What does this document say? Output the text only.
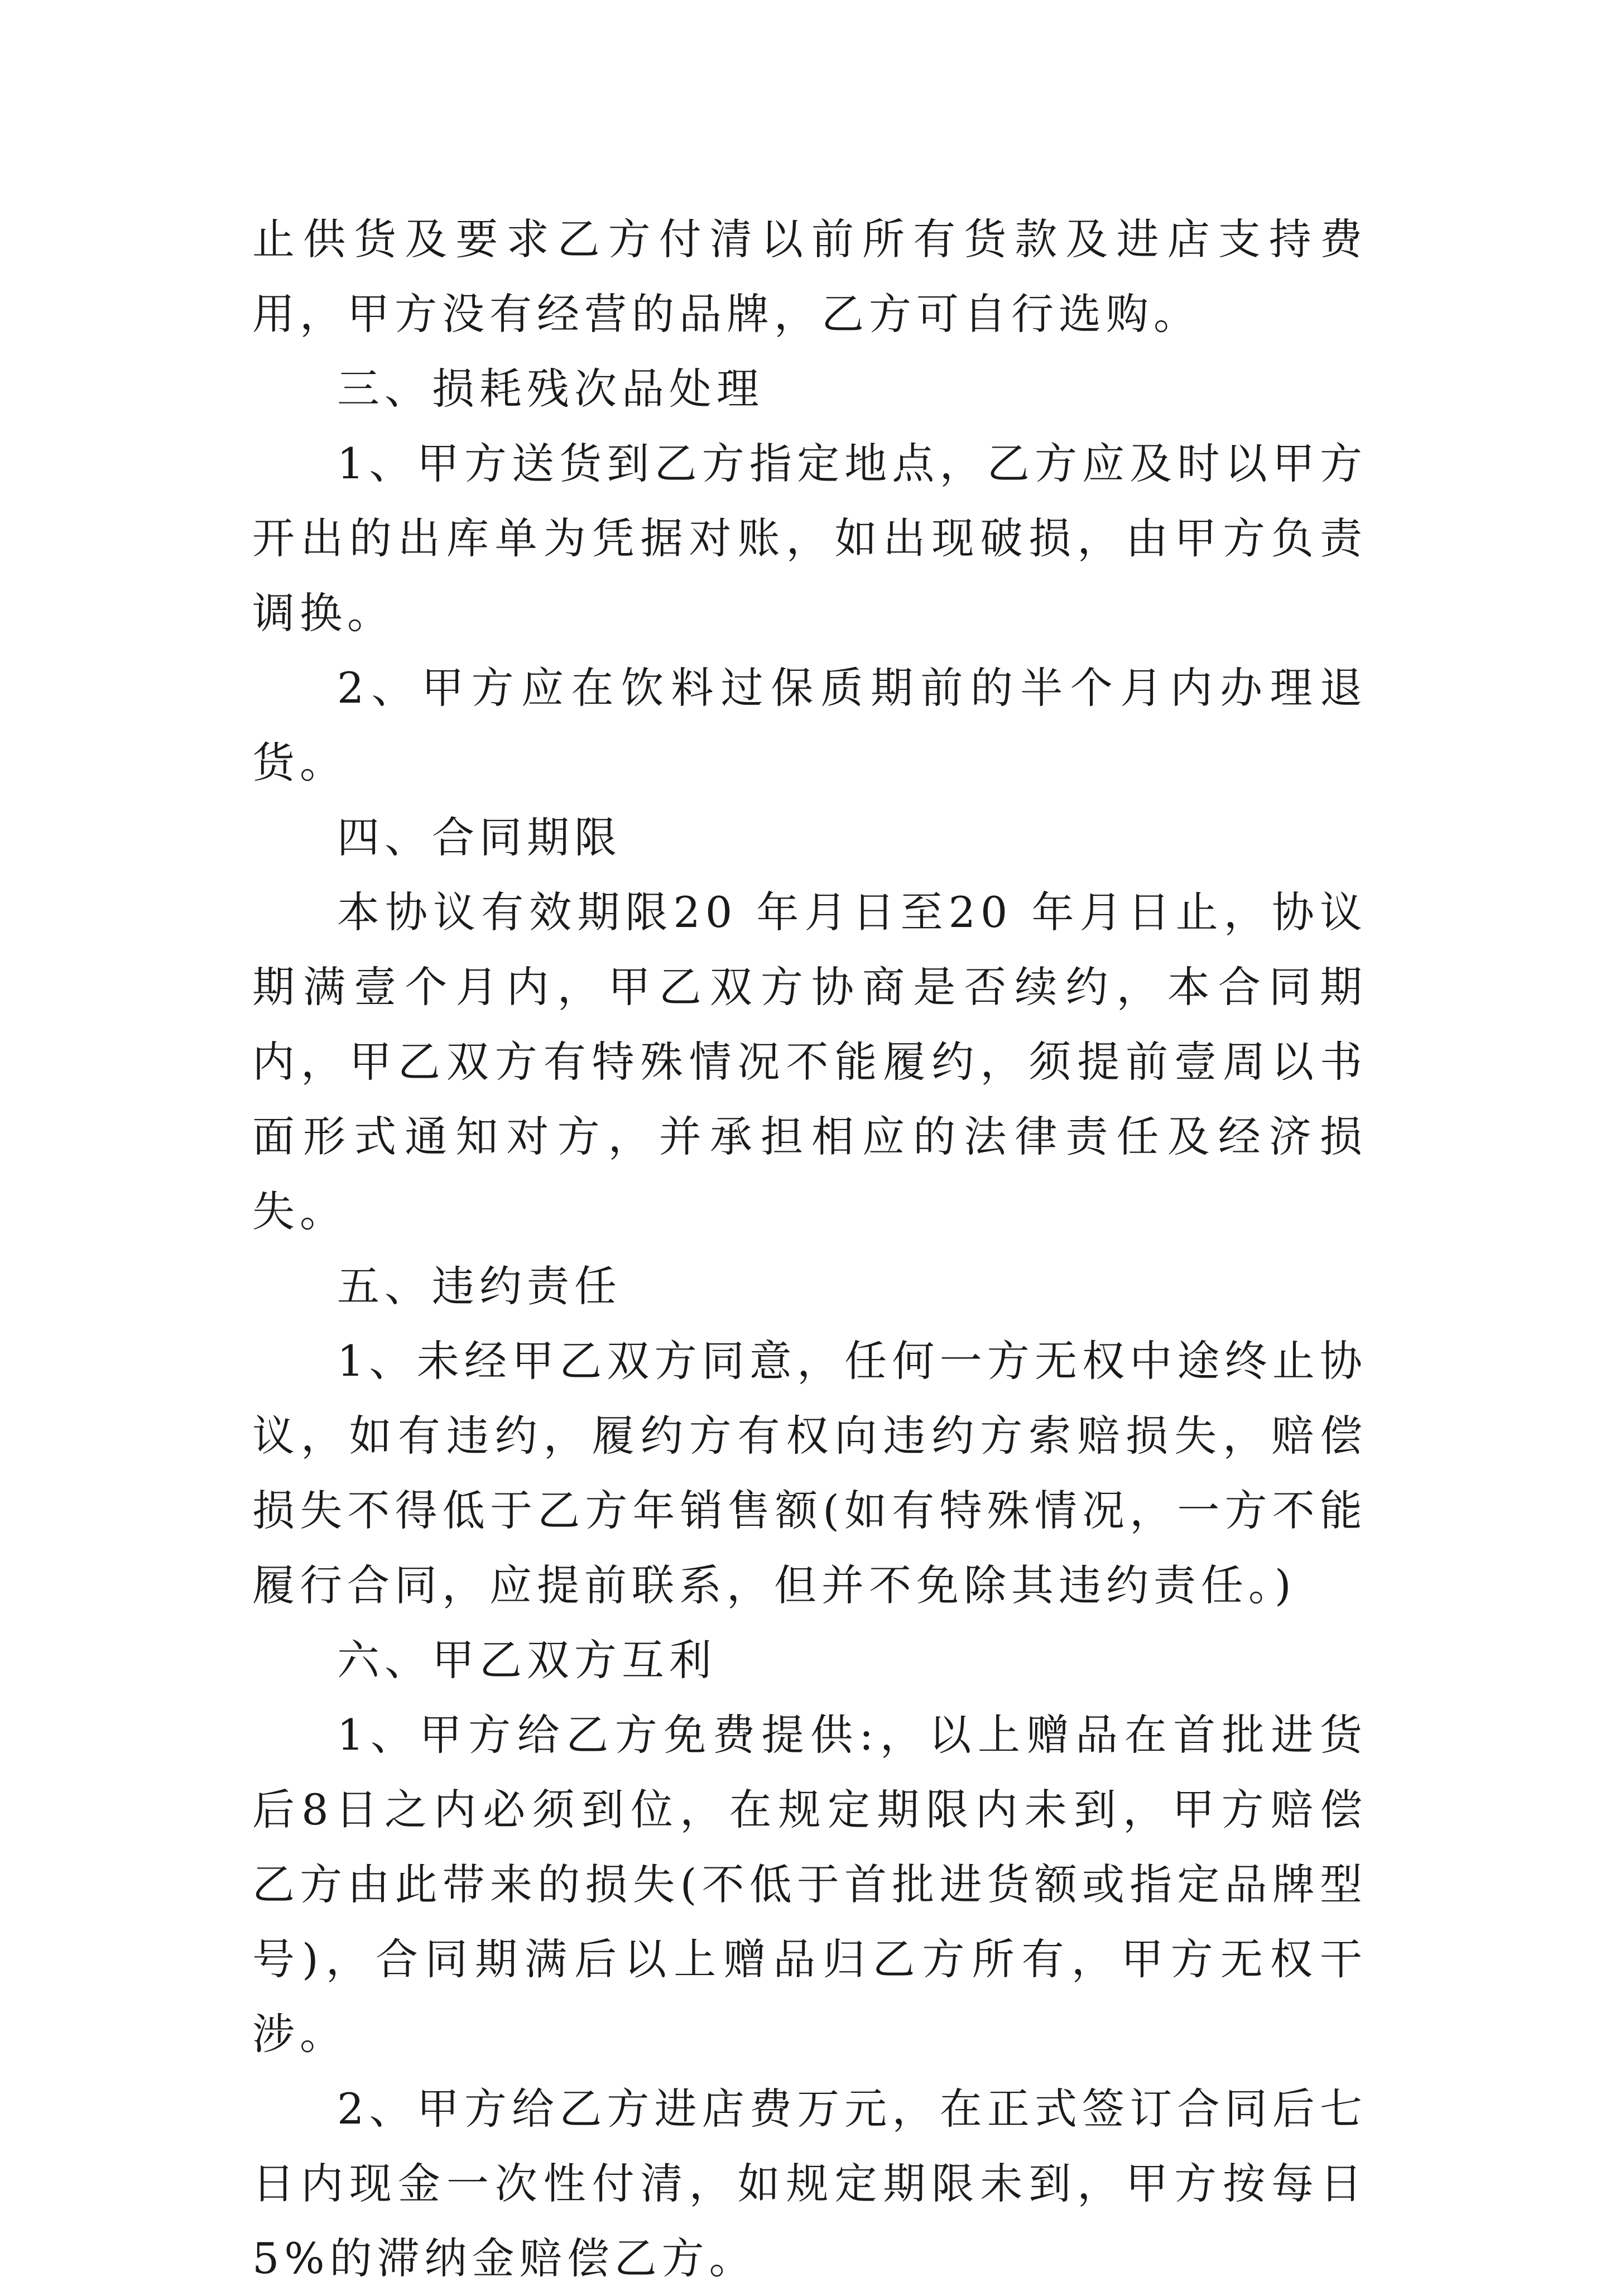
止供货及要求乙方付清以前所有货款及进店支持费用，甲方没有经营的品牌，乙方可自行选购。

三、损耗残次品处理

1、甲方送货到乙方指定地点，乙方应及时以甲方开出的出库单为凭据对账，如出现破损，由甲方负责调换。

2、甲方应在饮料过保质期前的半个月内办理退货。

四、合同期限

本协议有效期限20 年月日至20 年月日止，协议期满壹个月内，甲乙双方协商是否续约，本合同期内，甲乙双方有特殊情况不能履约，须提前壹周以书面形式通知对方，并承担相应的法律责任及经济损失。

五、违约责任

1、未经甲乙双方同意，任何一方无权中途终止协议，如有违约，履约方有权向违约方索赔损失，赔偿损失不得低于乙方年销售额(如有特殊情况，一方不能履行合同，应提前联系，但并不免除其违约责任。)

六、甲乙双方互利

1、甲方给乙方免费提供:，以上赠品在首批进货后8日之内必须到位，在规定期限内未到，甲方赔偿乙方由此带来的损失(不低于首批进货额或指定品牌型号)，合同期满后以上赠品归乙方所有，甲方无权干涉。

2、甲方给乙方进店费万元，在正式签订合同后七日内现金一次性付清，如规定期限未到，甲方按每日5%的滞纳金赔偿乙方。
